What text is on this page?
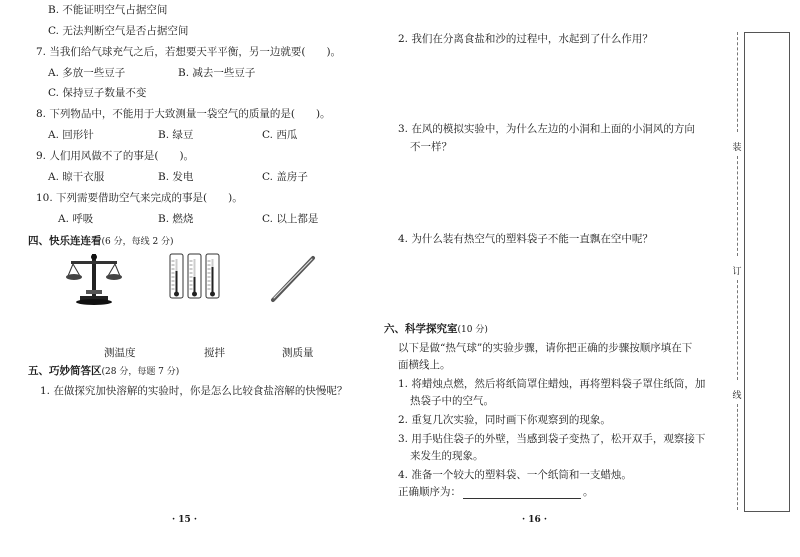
B. 不能证明空气占据空间
C. 无法判断空气是否占据空间
7. 当我们给气球充气之后，若想要天平平衡，另一边就要(　　)。
A. 多放一些豆子	B. 减去一些豆子
C. 保持豆子数量不变
8. 下列物品中，不能用于大致测量一袋空气的质量的是(　　)。
A. 回形针	B. 绿豆	C. 西瓜
9. 人们用风做不了的事是(　　)。
A. 晾干衣服	B. 发电	C. 盖房子
10. 下列需要借助空气来完成的事是(　　)。
A. 呼吸	B. 燃烧	C. 以上都是
四、快乐连连看(6 分，每线 2 分)
测温度	搅拌	测质量
五、巧妙简答区(28 分，每题 7 分)
1. 在做探究加快溶解的实验时，你是怎么比较食盐溶解的快慢呢？
· 15 ·
2. 我们在分离食盐和沙的过程中，水起到了什么作用？
3. 在风的模拟实验中，为什么左边的小洞和上面的小洞风的方向
不一样？
4. 为什么装有热空气的塑料袋子不能一直飘在空中呢？
六、科学探究室(10 分)
以下是做“热气球”的实验步骤，请你把正确的步骤按顺序填在下
面横线上。
1. 将蜡烛点燃，然后将纸筒罩住蜡烛，再将塑料袋子罩住纸筒，加
热袋子中的空气。
2. 重复几次实验，同时画下你观察到的现象。
3. 用手贴住袋子的外壁，当感到袋子变热了，松开双手，观察接下
来发生的现象。
4. 准备一个较大的塑料袋、一个纸筒和一支蜡烛。
正确顺序为：	。
· 16 ·
装
订
线
